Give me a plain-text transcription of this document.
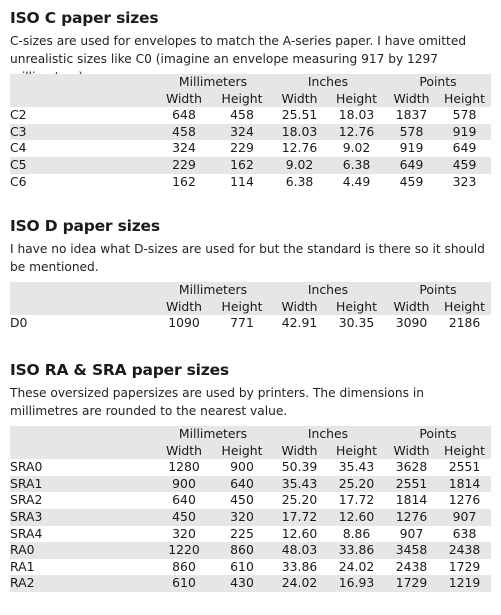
ISO C paper sizes

C-sizes are used for envelopes to match the A-series paper. I have omitted unrealistic sizes like C0 (imagine an envelope measuring 917 by 1297 millimeters).

		Millimeters		Inches		Points	
	Width	Height	Width	Height	Width	Height
C2	648	458	25.51	18.03	1837	578
C3	458	324	18.03	12.76	578	919
C4	324	229	12.76	9.02	919	649
C5	229	162	9.02	6.38	649	459
C6	162	114	6.38	4.49	459	323
ISO D paper sizes

I have no idea what D-sizes are used for but the standard is there so it should be mentioned.

	Millimeters		Inches		Points	
	Width	Height	Width	Height	Width	Height
D0	1090	771	42.91	30.35	3090	2186
ISO RA & SRA paper sizes

These oversized papersizes are used by printers. The dimensions in millimetres are rounded to the nearest value.

	Millimeters		Inches		Points	
	Width	Height	Width	Height	Width	Height
SRA0	1280	900	50.39	35.43	3628	2551
SRA1	900	640	35.43	25.20	2551	1814
SRA2	640	450	25.20	17.72	1814	1276
SRA3	450	320	17.72	12.60	1276	907
SRA4	320	225	12.60	8.86	907	638
RA0	1220	860	48.03	33.86	3458	2438
RA1	860	610	33.86	24.02	2438	1729
RA2	610	430	24.02	16.93	1729	1219
